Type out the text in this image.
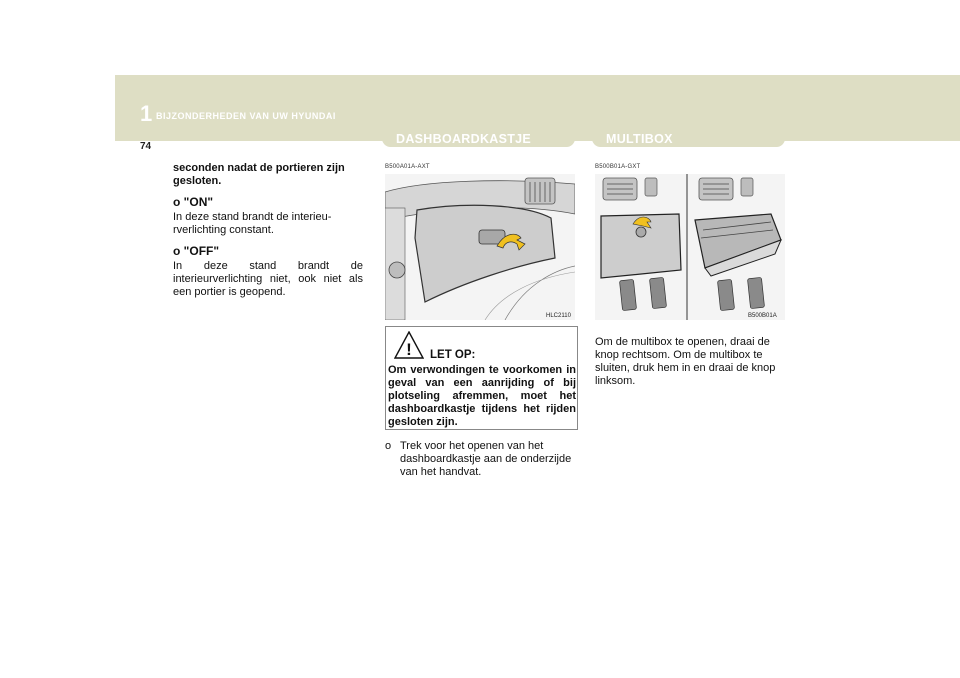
1 BIJZONDERHEDEN VAN UW HYUNDAI
74
DASHBOARDKASTJE	MULTIBOX
seconden nadat de portieren zijn gesloten.
o "ON"
In deze stand brandt de interieu-rverlichting constant.
o "OFF"
In deze stand brandt de interieurverlichting niet, ook niet als een portier is geopend.
B500A01A-AXT
HLC2110
! LET OP:
Om verwondingen te voorkomen in geval van een aanrijding of bij plotseling afremmen, moet het dashboardkastje tijdens het rijden gesloten zijn.
o Trek voor het openen van het dashboardkastje aan de onderzijde van het handvat.
B500B01A-GXT
B500B01A
Om de multibox te openen, draai de knop rechtsom. Om de multibox te sluiten, druk hem in en draai de knop linksom.
